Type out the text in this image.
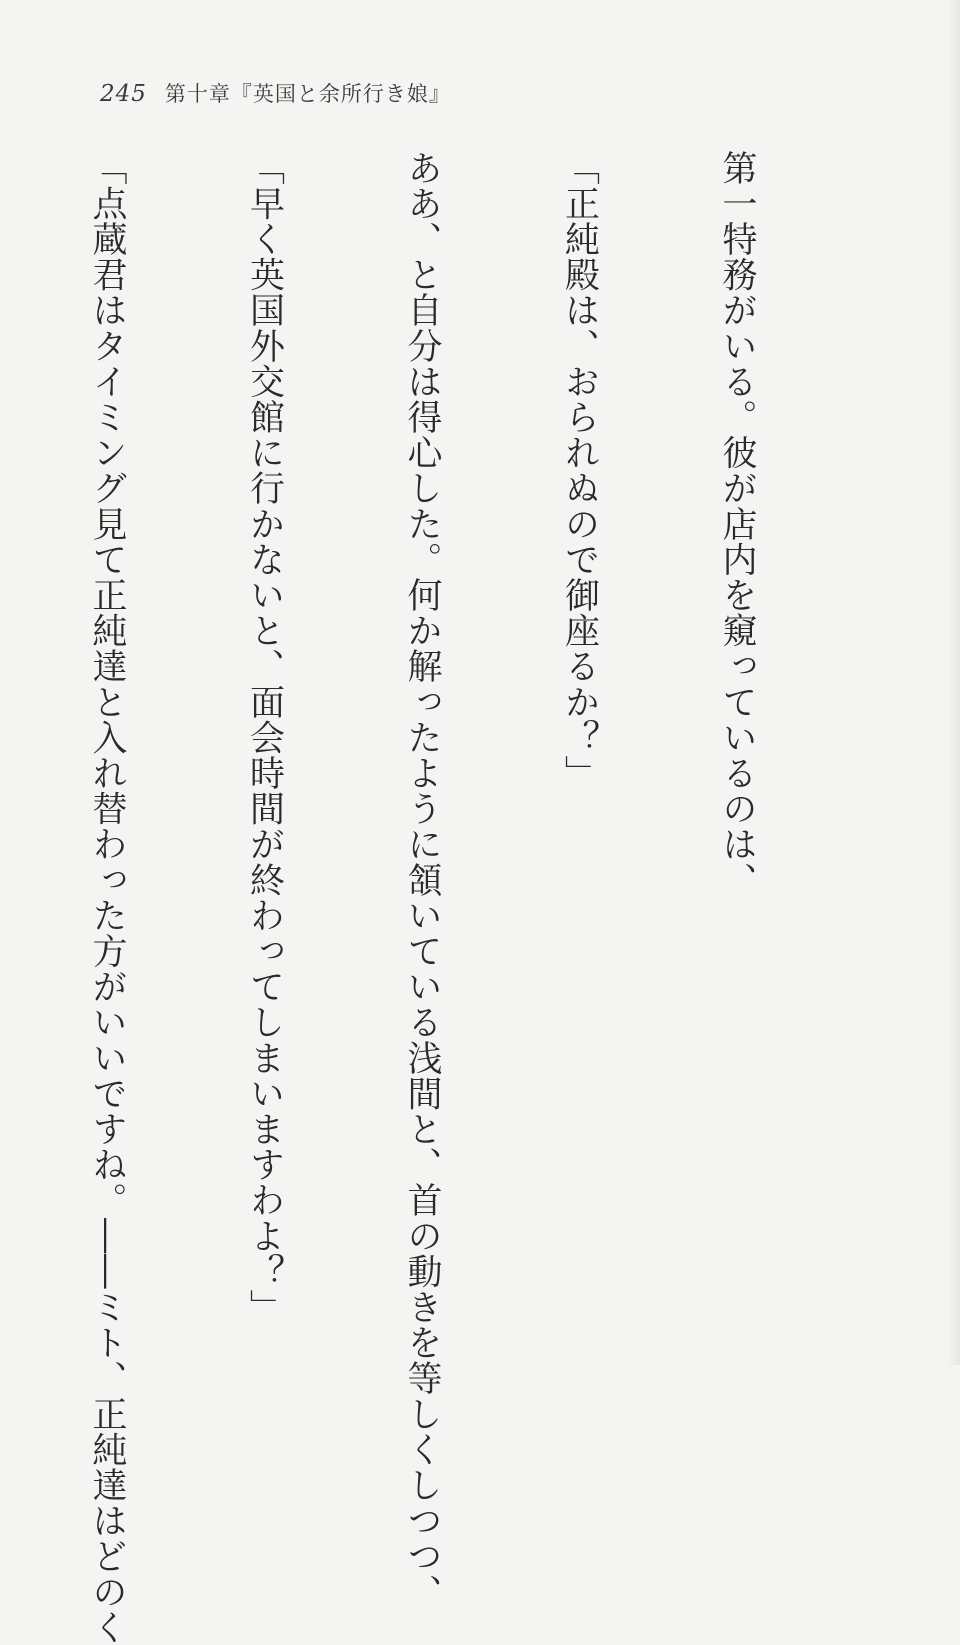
245 第十章『英国と余所行き娘』

第一特務がいる。彼が店内を窺っているのは、

「正純殿は、おられぬので御座るか？」

ああ、と自分は得心した。何か解ったように頷いている浅間と、首の動きを等しくしつつ、

「早く英国外交館に行かないと、面会時間が終わってしまいますわよ？」

「点蔵君はタイミング見て正純達と入れ替わった方がいいですね。――ミト、正純達はどのく
